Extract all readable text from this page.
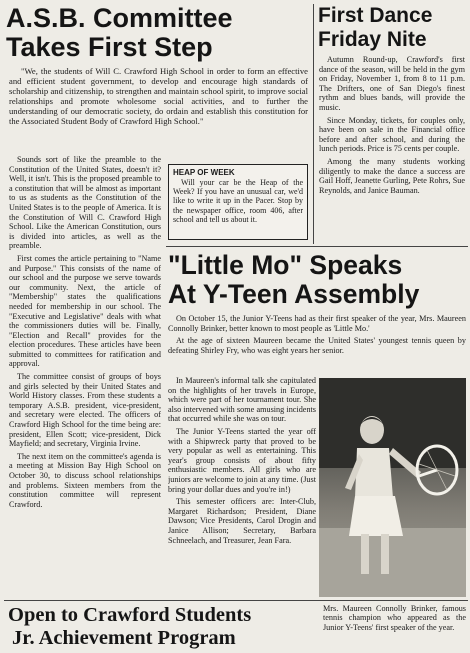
A.S.B. Committee
Takes First Step

"We, the students of Will C. Crawford High School in order to form an effective and efficient student government, to develop and encourage high standards of scholarship and citizenship, to strengthen and maintain school spirit, to improve social relationships and promote wholesome social activities, and to further the understanding of our democratic society, do ordain and establish this constitution for the Associated Student Body of Crawford High School."

Sounds sort of like the preamble to the Constitution of the United States, doesn't it? Well, it isn't. This is the proposed preamble to a constitution that will be almost as important to us as students as the Constitution of the United States is to the people of America. It is the Constitution of Will C. Crawford High School. Like the American Constitution, ours is divided into articles, as well as the preamble.

First comes the article pertaining to "Name and Purpose." This consists of the name of our school and the purpose we serve towards our community. Next, the article of "Membership" states the qualifications needed for membership in our school. The "Executive and Legislative" deals with what the commissioners duties will be. Finally, "Election and Recall" provides for the election procedures. These articles have been submitted to committees for ratification and approval.

The committee consist of groups of boys and girls selected by their United States and World History classes. From these students a temporary A.S.B. president, vice-president, and secretary were elected. The officers of Crawford High School for the time being are: president, Ellen Scott; vice-president, Dick Mayfield; and secretary, Virginia Irvine.

The next item on the committee's agenda is a meeting at Mission Bay High School on October 30, to discuss school relationships and problems. Sixteen members from the constitution committee will represent Crawford.

HEAP OF WEEK
Will your car be the Heap of the Week? If you have an unusual car, we'd like to write it up in the Pacer. Stop by the newspaper office, room 406, after school and tell us about it.
First Dance
Friday Nite

Autumn Round-up, Crawford's first dance of the season, will be held in the gym on Friday, November 1, from 8 to 11 p.m. The Drifters, one of San Diego's finest rythm and blues bands, will provide the music.

Since Monday, tickets, for couples only, have been on sale in the Financial office before and after school, and during the lunch periods. Price is 75 cents per couple.

Among the many students working diligently to make the dance a success are Gail Hoff, Jeanette Gurling, Pete Rohrs, Sue Reynolds, and Janice Bauman.

"Little Mo" Speaks
At Y-Teen Assembly

On October 15, the Junior Y-Teens had as their first speaker of the year, Mrs. Maureen Connolly Brinker, better known to most people as 'Little Mo.'

At the age of sixteen Maureen became the United States' youngest tennis queen by defeating Shirley Fry, who was eight years her senior.

In Maureen's informal talk she capitulated on the highlights of her travels in Europe, which were part of her tournament tour. She also intervened with some amusing incidents that occurred while she was on tour.

The Junior Y-Teens started the year off with a Shipwreck party that proved to be very popular as well as entertaining. This year's group consists of about fifty enthusiastic members. All girls who are juniors are welcome to join at any time. (Just bring your dollar dues and you're in!)

This semester officers are: Inter-Club, Margaret Richardson; President, Diane Dawson; Vice Presidents, Carol Drogin and Janice Allison; Secretary, Barbara Schneelach, and Treasurer, Jean Fara.

Mrs. Maureen Connolly Brinker, famous tennis champion who appeared as the Junior Y-Teens' first speaker of the year.
Open to Crawford Students
Jr. Achievement Program
